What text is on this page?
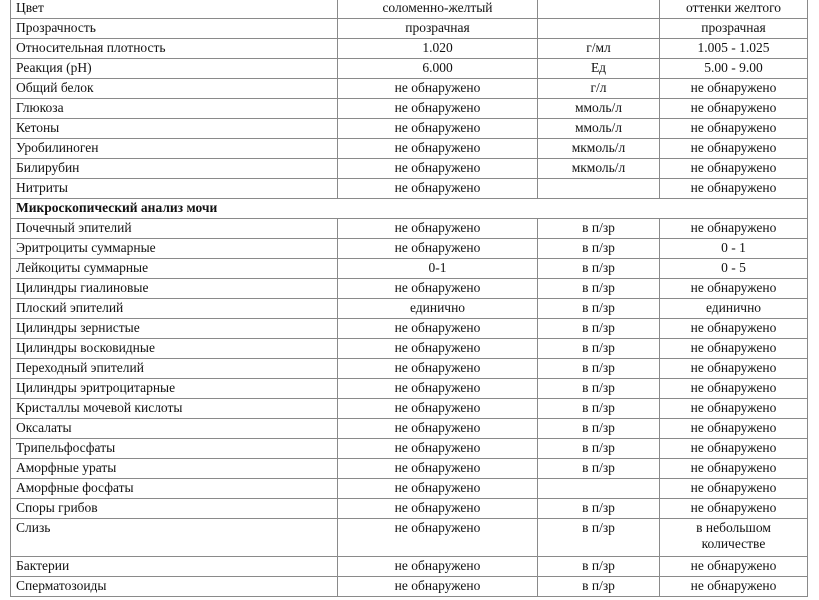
Цвет	соломенно-желтый		оттенки желтого
Прозрачность	прозрачная		прозрачная
Относительная плотность	1.020	г/мл	1.005 - 1.025
Реакция (pH)	6.000	Ед	5.00 - 9.00
Общий белок	не обнаружено	г/л	не обнаружено
Глюкоза	не обнаружено	ммоль/л	не обнаружено
Кетоны	не обнаружено	ммоль/л	не обнаружено
Уробилиноген	не обнаружено	мкмоль/л	не обнаружено
Билирубин	не обнаружено	мкмоль/л	не обнаружено
Нитриты	не обнаружено		не обнаружено
Микроскопический анализ мочи			
Почечный эпителий	не обнаружено	в п/зр	не обнаружено
Эритроциты суммарные	не обнаружено	в п/зр	0 - 1
Лейкоциты суммарные	0-1	в п/зр	0 - 5
Цилиндры гиалиновые	не обнаружено	в п/зр	не обнаружено
Плоский эпителий	единично	в п/зр	единично
Цилиндры зернистые	не обнаружено	в п/зр	не обнаружено
Цилиндры восковидные	не обнаружено	в п/зр	не обнаружено
Переходный эпителий	не обнаружено	в п/зр	не обнаружено
Цилиндры эритроцитарные	не обнаружено	в п/зр	не обнаружено
Кристаллы мочевой кислоты	не обнаружено	в п/зр	не обнаружено
Оксалаты	не обнаружено	в п/зр	не обнаружено
Трипельфосфаты	не обнаружено	в п/зр	не обнаружено
Аморфные ураты	не обнаружено	в п/зр	не обнаружено
Аморфные фосфаты	не обнаружено		не обнаружено
Споры грибов	не обнаружено	в п/зр	не обнаружено
Слизь	не обнаружено	в п/зр	в небольшом количестве
Бактерии	не обнаружено	в п/зр	не обнаружено
Сперматозоиды	не обнаружено	в п/зр	не обнаружено
